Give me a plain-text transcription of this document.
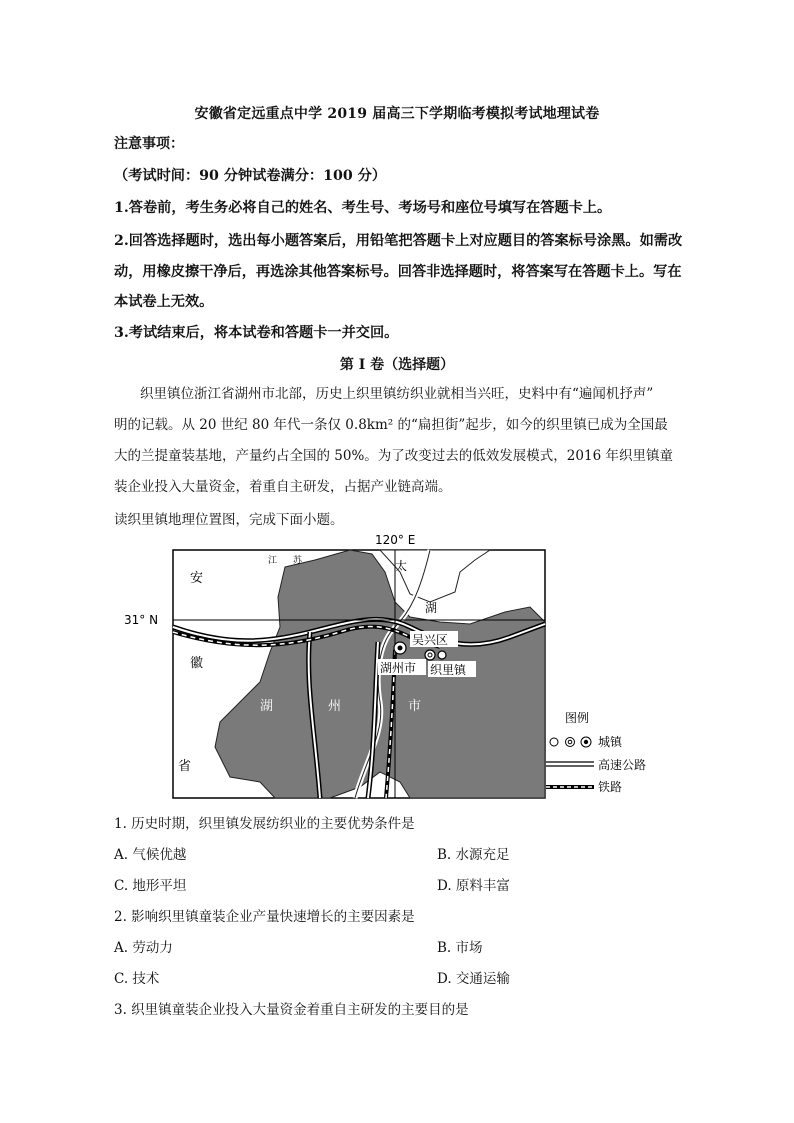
安徽省定远重点中学 2019 届高三下学期临考模拟考试地理试卷
注意事项：
（考试时间：90 分钟试卷满分：100 分）
1.答卷前，考生务必将自己的姓名、考生号、考场号和座位号填写在答题卡上。
2.回答选择题时，选出每小题答案后，用铅笔把答题卡上对应题目的答案标号涂黑。如需改
动，用橡皮擦干净后，再选涂其他答案标号。回答非选择题时，将答案写在答题卡上。写在
本试卷上无效。
3.考试结束后，将本试卷和答题卡一并交回。
第 I 卷（选择题）
织里镇位浙江省湖州市北部，历史上织里镇纺织业就相当兴旺，史料中有“遍闻机抒声”
明的记载。从 20 世纪 80 年代一条仅 0.8km² 的“扁担街”起步，如今的织里镇已成为全国最
大的兰提童装基地，产量约占全国的 50%。为了改变过去的低效发展模式，2016 年织里镇童
装企业投入大量资金，着重自主研发，占据产业链高端。
读织里镇地理位置图，完成下面小题。
120° E
31° N
江 苏	太
湖
安
徽
省
湖	州	市
吴兴区
湖州市 织里镇
图例
城镇
高速公路
铁路
1. 历史时期，织里镇发展纺织业的主要优势条件是
A. 气候优越	B. 水源充足
C. 地形平坦	D. 原料丰富
2. 影响织里镇童装企业产量快速增长的主要因素是
A. 劳动力	B. 市场
C. 技术	D. 交通运输
3. 织里镇童装企业投入大量资金着重自主研发的主要目的是
